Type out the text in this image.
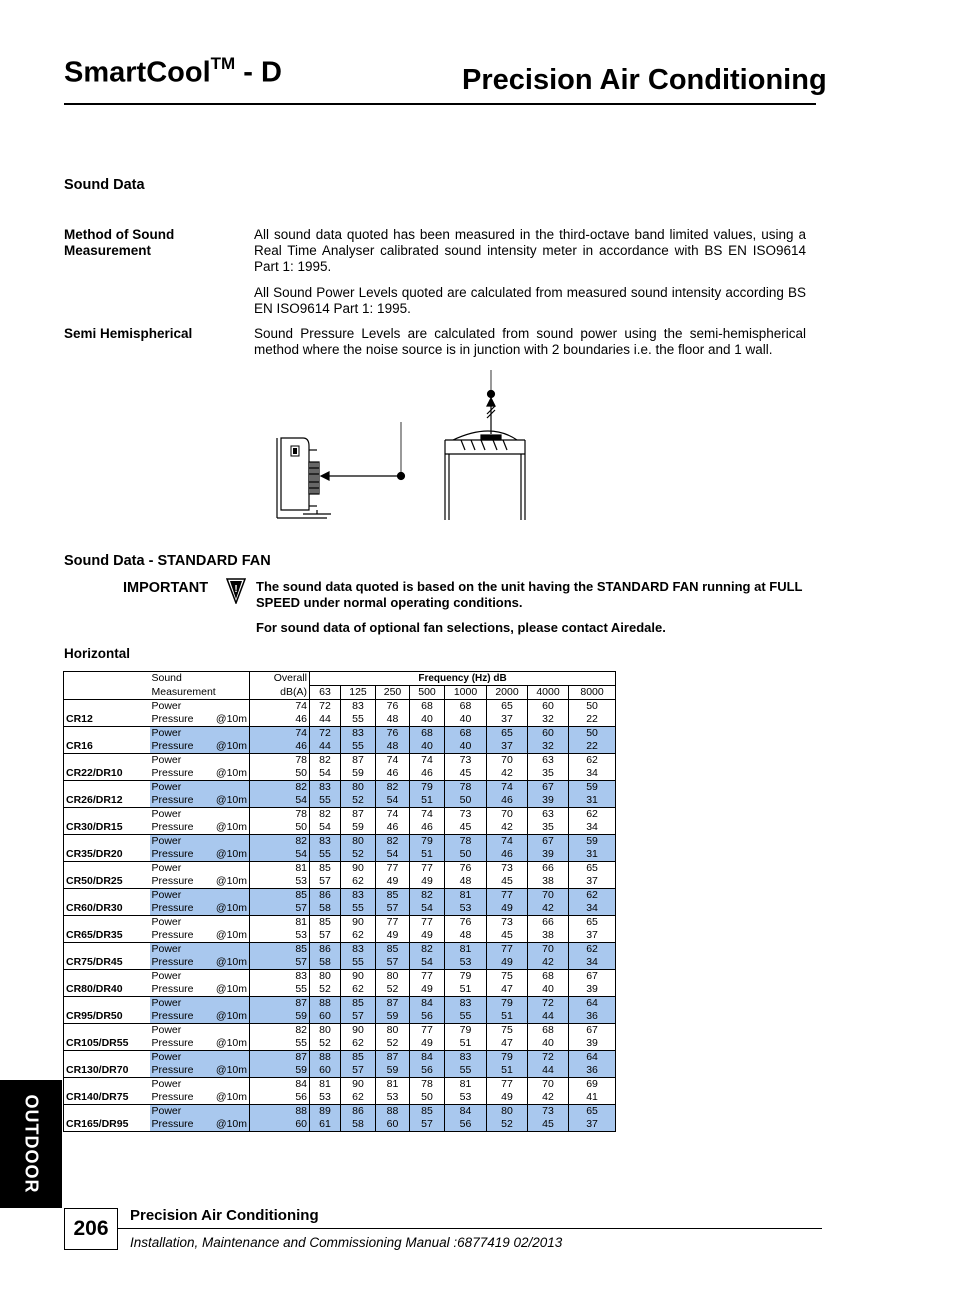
SmartCool™ - D	Precision Air Conditioning
Sound Data
Method of Sound Measurement
All sound data quoted has been measured in the third-octave band limited values, using a Real Time Analyser calibrated sound intensity meter in accordance with BS EN ISO9614 Part 1: 1995.
All Sound Power Levels quoted are calculated from measured sound intensity according BS EN ISO9614 Part 1: 1995.
Semi Hemispherical	Sound Pressure Levels are calculated from sound power using the semi-hemispherical method where the noise source is in junction with 2 boundaries i.e. the floor and 1 wall.
Sound Data - STANDARD FAN
IMPORTANT	! The sound data quoted is based on the unit having the STANDARD FAN running at FULL SPEED under normal operating conditions.
For sound data of optional fan selections, please contact Airedale.
Horizontal
	Sound		Overall	Frequency (Hz) dB							
	Measurement		dB(A)	63	125	250	500	1000	2000	4000	8000
	Power		74	72	83	76	68	68	65	60	50
CR12	Pressure	@10m	46	44	55	48	40	40	37	32	22
	Power		74	72	83	76	68	68	65	60	50
CR16	Pressure	@10m	46	44	55	48	40	40	37	32	22
	Power		78	82	87	74	74	73	70	63	62
CR22/DR10	Pressure	@10m	50	54	59	46	46	45	42	35	34
	Power		82	83	80	82	79	78	74	67	59
CR26/DR12	Pressure	@10m	54	55	52	54	51	50	46	39	31
	Power		78	82	87	74	74	73	70	63	62
CR30/DR15	Pressure	@10m	50	54	59	46	46	45	42	35	34
	Power		82	83	80	82	79	78	74	67	59
CR35/DR20	Pressure	@10m	54	55	52	54	51	50	46	39	31
	Power		81	85	90	77	77	76	73	66	65
CR50/DR25	Pressure	@10m	53	57	62	49	49	48	45	38	37
	Power		85	86	83	85	82	81	77	70	62
CR60/DR30	Pressure	@10m	57	58	55	57	54	53	49	42	34
	Power		81	85	90	77	77	76	73	66	65
CR65/DR35	Pressure	@10m	53	57	62	49	49	48	45	38	37
	Power		85	86	83	85	82	81	77	70	62
CR75/DR45	Pressure	@10m	57	58	55	57	54	53	49	42	34
	Power		83	80	90	80	77	79	75	68	67
CR80/DR40	Pressure	@10m	55	52	62	52	49	51	47	40	39
	Power		87	88	85	87	84	83	79	72	64
CR95/DR50	Pressure	@10m	59	60	57	59	56	55	51	44	36
	Power		82	80	90	80	77	79	75	68	67
CR105/DR55	Pressure	@10m	55	52	62	52	49	51	47	40	39
	Power		87	88	85	87	84	83	79	72	64
CR130/DR70	Pressure	@10m	59	60	57	59	56	55	51	44	36
	Power		84	81	90	81	78	81	77	70	69
CR140/DR75	Pressure	@10m	56	53	62	53	50	53	49	42	41
	Power		88	89	86	88	85	84	80	73	65
CR165/DR95	Pressure	@10m	60	61	58	60	57	56	52	45	37
OUTDOOR
206
Precision Air Conditioning
Installation, Maintenance and Commissioning Manual :6877419 02/2013
